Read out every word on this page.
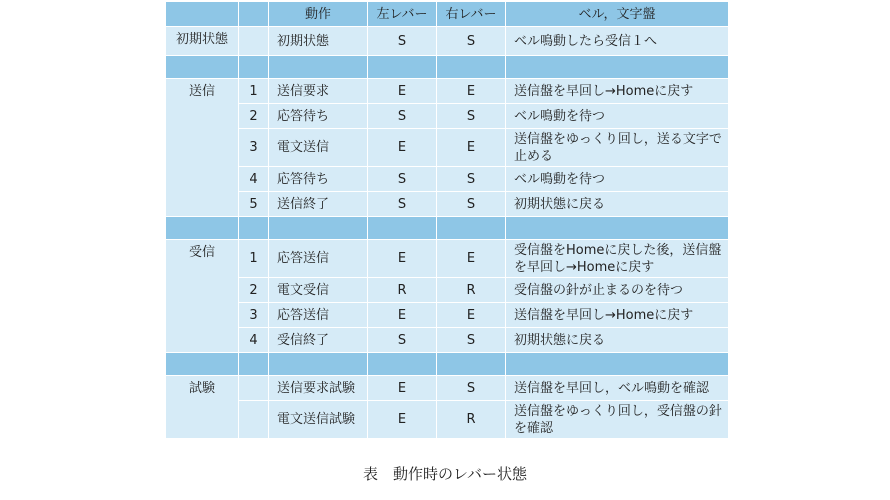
		動作	左レバー	右レバー	ベル，文字盤
初期状態		初期状態	S	S	ベル鳴動したら受信１へ

送信	1	送信要求	E	E	送信盤を早回し→Homeに戻す
	2	応答待ち	S	S	ベル鳴動を待つ
	3	電文送信	E	E	送信盤をゆっくり回し，送る文字で止める
	4	応答待ち	S	S	ベル鳴動を待つ
	5	送信終了	S	S	初期状態に戻る

受信	1	応答送信	E	E	受信盤をHomeに戻した後，送信盤を早回し→Homeに戻す
	2	電文受信	R	R	受信盤の針が止まるのを待つ
	3	応答送信	E	E	送信盤を早回し→Homeに戻す
	4	受信終了	S	S	初期状態に戻る

試験		送信要求試験	E	S	送信盤を早回し，ベル鳴動を確認
		電文送信試験	E	R	送信盤をゆっくり回し，受信盤の針を確認
表　動作時のレバー状態
